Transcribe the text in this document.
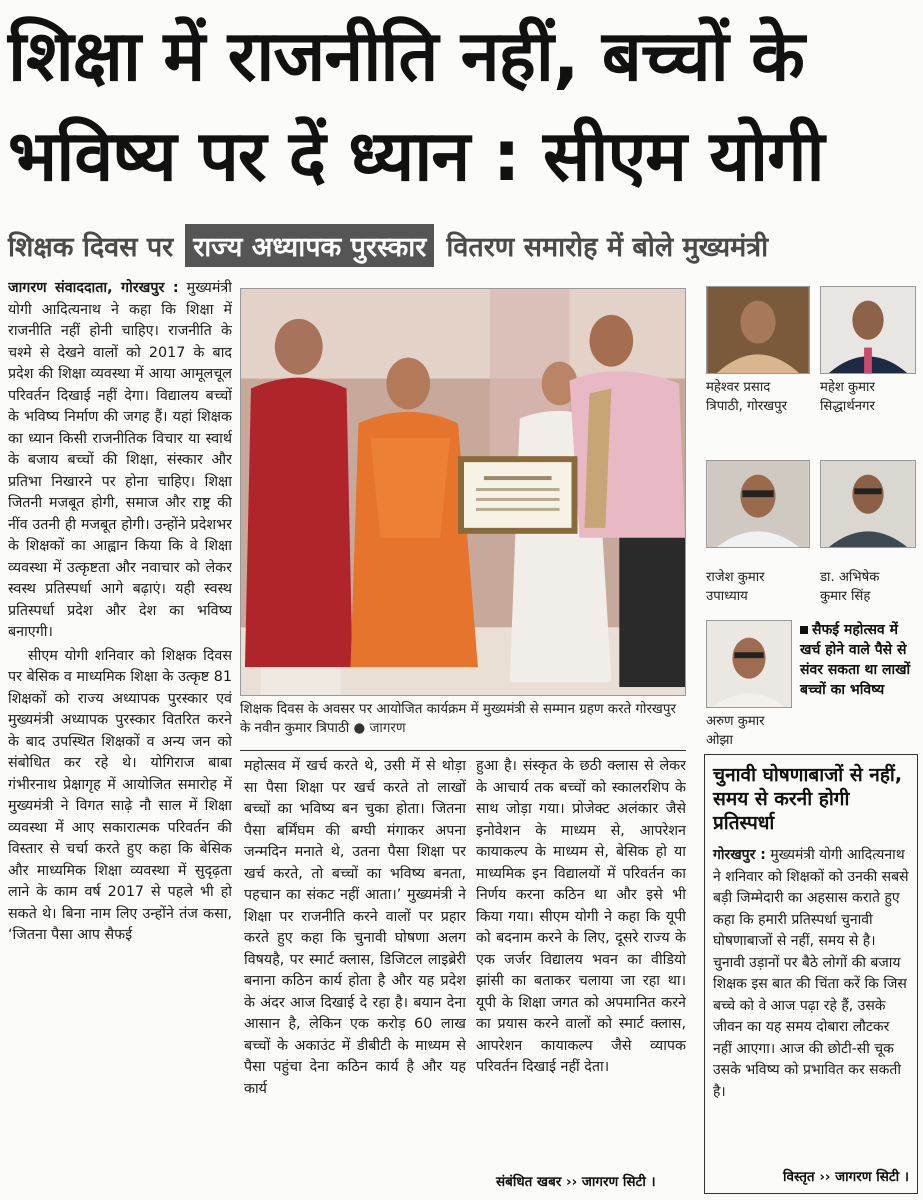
शिक्षा में राजनीति नहीं, बच्चों के
भविष्य पर दें ध्यान : सीएम योगी
शिक्षक दिवस पर राज्य अध्यापक पुरस्कार वितरण समारोह में बोले मुख्यमंत्री

जागरण संवाददाता, गोरखपुर : मुख्यमंत्री योगी आदित्यनाथ ने कहा कि शिक्षा में राजनीति नहीं होनी चाहिए। राजनीति के चश्मे से देखने वालों को 2017 के बाद प्रदेश की शिक्षा व्यवस्था में आया आमूलचूल परिवर्तन दिखाई नहीं देगा। विद्यालय बच्चों के भविष्य निर्माण की जगह हैं। यहां शिक्षक का ध्यान किसी राजनीतिक विचार या स्वार्थ के बजाय बच्चों की शिक्षा, संस्कार और प्रतिभा निखारने पर होना चाहिए। शिक्षा जितनी मजबूत होगी, समाज और राष्ट्र की नींव उतनी ही मजबूत होगी। उन्होंने प्रदेशभर के शिक्षकों का आह्वान किया कि वे शिक्षा व्यवस्था में उत्कृष्टता और नवाचार को लेकर स्वस्थ प्रतिस्पर्धा आगे बढ़ाएं। यही स्वस्थ प्रतिस्पर्धा प्रदेश और देश का भविष्य बनाएगी।

सीएम योगी शनिवार को शिक्षक दिवस पर बेसिक व माध्यमिक शिक्षा के उत्कृष्ट 81 शिक्षकों को राज्य अध्यापक पुरस्कार एवं मुख्यमंत्री अध्यापक पुरस्कार वितरित करने के बाद उपस्थित शिक्षकों व अन्य जन को संबोधित कर रहे थे। योगिराज बाबा गंभीरनाथ प्रेक्षागृह में आयोजित समारोह में मुख्यमंत्री ने विगत साढ़े नौ साल में शिक्षा व्यवस्था में आए सकारात्मक परिवर्तन की विस्तार से चर्चा करते हुए कहा कि बेसिक और माध्यमिक शिक्षा व्यवस्था में सुदृढ़ता लाने के काम वर्ष 2017 से पहले भी हो सकते थे। बिना नाम लिए उन्होंने तंज कसा, ‘जितना पैसा आप सैफई

शिक्षक दिवस के अवसर पर आयोजित कार्यक्रम में मुख्यमंत्री से सम्मान ग्रहण करते गोरखपुर के नवीन कुमार त्रिपाठी ● जागरण
महेश्वर प्रसाद
त्रिपाठी, गोरखपुर
महेश कुमार
सिद्धार्थनगर
राजेश कुमार
उपाध्याय
डा. अभिषेक
कुमार सिंह
अरुण कुमार
ओझा
सैफई महोत्सव में खर्च होने वाले पैसे से संवर सकता था लाखों बच्चों का भविष्य

महोत्सव में खर्च करते थे, उसी में से थोड़ा सा पैसा शिक्षा पर खर्च करते तो लाखों बच्चों का भविष्य बन चुका होता। जितना पैसा बर्मिंघम की बग्घी मंगाकर अपना जन्मदिन मनाते थे, उतना पैसा शिक्षा पर खर्च करते, तो बच्चों का भविष्य बनता, पहचान का संकट नहीं आता।’ मुख्यमंत्री ने शिक्षा पर राजनीति करने वालों पर प्रहार करते हुए कहा कि चुनावी घोषणा अलग विषयहै, पर स्मार्ट क्लास, डिजिटल लाइब्रेरी बनाना कठिन कार्य होता है और यह प्रदेश के अंदर आज दिखाई दे रहा है। बयान देना आसान है, लेकिन एक करोड़ 60 लाख बच्चों के अकाउंट में डीबीटी के माध्यम से पैसा पहुंचा देना कठिन कार्य है और यह कार्य

हुआ है। संस्कृत के छठी क्लास से लेकर के आचार्य तक बच्चों को स्कालरशिप के साथ जोड़ा गया। प्रोजेक्ट अलंकार जैसे इनोवेशन के माध्यम से, आपरेशन कायाकल्प के माध्यम से, बेसिक हो या माध्यमिक इन विद्यालयों में परिवर्तन का निर्णय करना कठिन था और इसे भी किया गया। सीएम योगी ने कहा कि यूपी को बदनाम करने के लिए, दूसरे राज्य के एक जर्जर विद्यालय भवन का वीडियो झांसी का बताकर चलाया जा रहा था। यूपी के शिक्षा जगत को अपमानित करने का प्रयास करने वालों को स्मार्ट क्लास, आपरेशन कायाकल्प जैसे व्यापक परिवर्तन दिखाई नहीं देता।

संबंधित खबर ›› जागरण सिटी ।
चुनावी घोषणाबाजों से नहीं, समय से करनी होगी प्रतिस्पर्धा
गोरखपुर : मुख्यमंत्री योगी आदित्यनाथ ने शनिवार को शिक्षकों को उनकी सबसे बड़ी जिम्मेदारी का अहसास कराते हुए कहा कि हमारी प्रतिस्पर्धा चुनावी घोषणाबाजों से नहीं, समय से है। चुनावी उड़ानों पर बैठे लोगों की बजाय शिक्षक इस बात की चिंता करें कि जिस बच्चे को वे आज पढ़ा रहे हैं, उसके जीवन का यह समय दोबारा लौटकर नहीं आएगा। आज की छोटी-सी चूक उसके भविष्य को प्रभावित कर सकती है।
विस्तृत ›› जागरण सिटी ।
